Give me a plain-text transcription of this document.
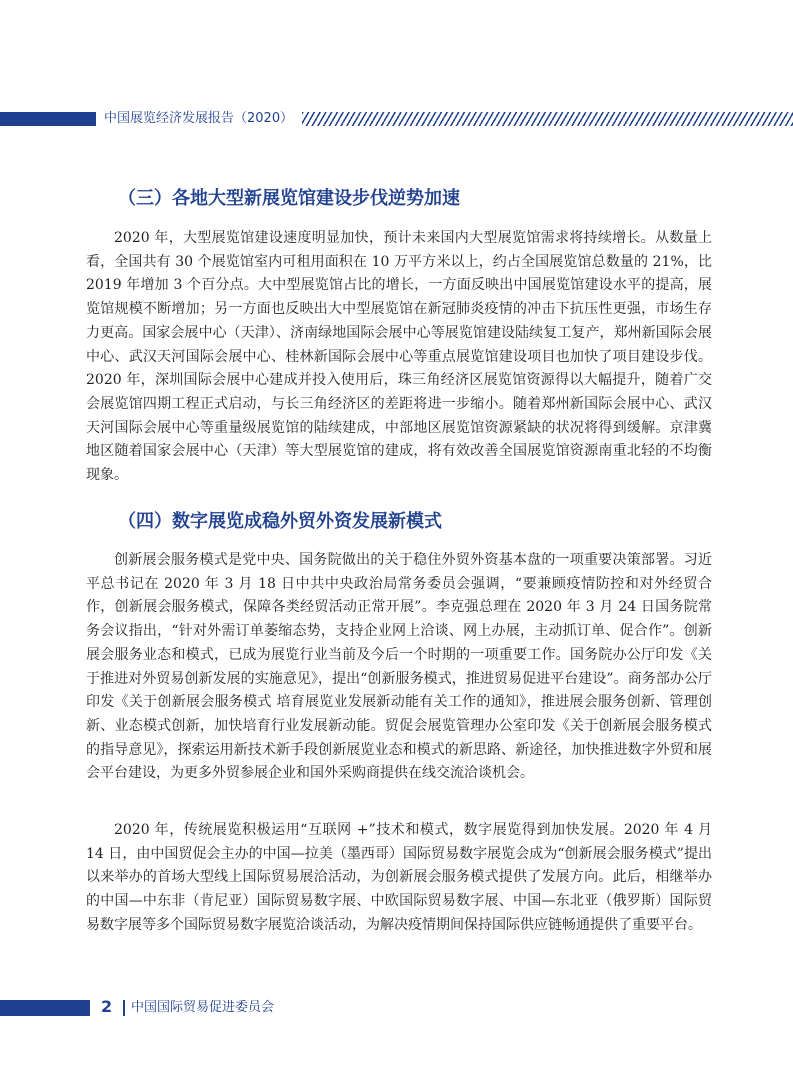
中国展览经济发展报告（2020）
（三）各地大型新展览馆建设步伐逆势加速

2020 年，大型展览馆建设速度明显加快，预计未来国内大型展览馆需求将持续增长。从数量上看，全国共有 30 个展览馆室内可租用面积在 10 万平方米以上，约占全国展览馆总数量的 21%，比 2019 年增加 3 个百分点。大中型展览馆占比的增长，一方面反映出中国展览馆建设水平的提高，展览馆规模不断增加；另一方面也反映出大中型展览馆在新冠肺炎疫情的冲击下抗压性更强，市场生存力更高。国家会展中心（天津）、济南绿地国际会展中心等展览馆建设陆续复工复产，郑州新国际会展中心、武汉天河国际会展中心、桂林新国际会展中心等重点展览馆建设项目也加快了项目建设步伐。2020 年，深圳国际会展中心建成并投入使用后，珠三角经济区展览馆资源得以大幅提升，随着广交会展览馆四期工程正式启动，与长三角经济区的差距将进一步缩小。随着郑州新国际会展中心、武汉天河国际会展中心等重量级展览馆的陆续建成，中部地区展览馆资源紧缺的状况将得到缓解。京津冀地区随着国家会展中心（天津）等大型展览馆的建成，将有效改善全国展览馆资源南重北轻的不均衡现象。

（四）数字展览成稳外贸外资发展新模式

创新展会服务模式是党中央、国务院做出的关于稳住外贸外资基本盘的一项重要决策部署。习近平总书记在 2020 年 3 月 18 日中共中央政治局常务委员会强调，“要兼顾疫情防控和对外经贸合作，创新展会服务模式，保障各类经贸活动正常开展”。李克强总理在 2020 年 3 月 24 日国务院常务会议指出，“针对外需订单萎缩态势，支持企业网上洽谈、网上办展，主动抓订单、促合作”。创新展会服务业态和模式，已成为展览行业当前及今后一个时期的一项重要工作。国务院办公厅印发《关于推进对外贸易创新发展的实施意见》，提出“创新服务模式，推进贸易促进平台建设”。商务部办公厅印发《关于创新展会服务模式 培育展览业发展新动能有关工作的通知》，推进展会服务创新、管理创新、业态模式创新，加快培育行业发展新动能。贸促会展览管理办公室印发《关于创新展会服务模式的指导意见》，探索运用新技术新手段创新展览业态和模式的新思路、新途径，加快推进数字外贸和展会平台建设，为更多外贸参展企业和国外采购商提供在线交流洽谈机会。

2020 年，传统展览积极运用“互联网 +”技术和模式，数字展览得到加快发展。2020 年 4 月 14 日，由中国贸促会主办的中国—拉美（墨西哥）国际贸易数字展览会成为“创新展会服务模式”提出以来举办的首场大型线上国际贸易展洽活动，为创新展会服务模式提供了发展方向。此后，相继举办的中国—中东非（肯尼亚）国际贸易数字展、中欧国际贸易数字展、中国—东北亚（俄罗斯）国际贸易数字展等多个国际贸易数字展览洽谈活动，为解决疫情期间保持国际供应链畅通提供了重要平台。

2 中国国际贸易促进委员会
